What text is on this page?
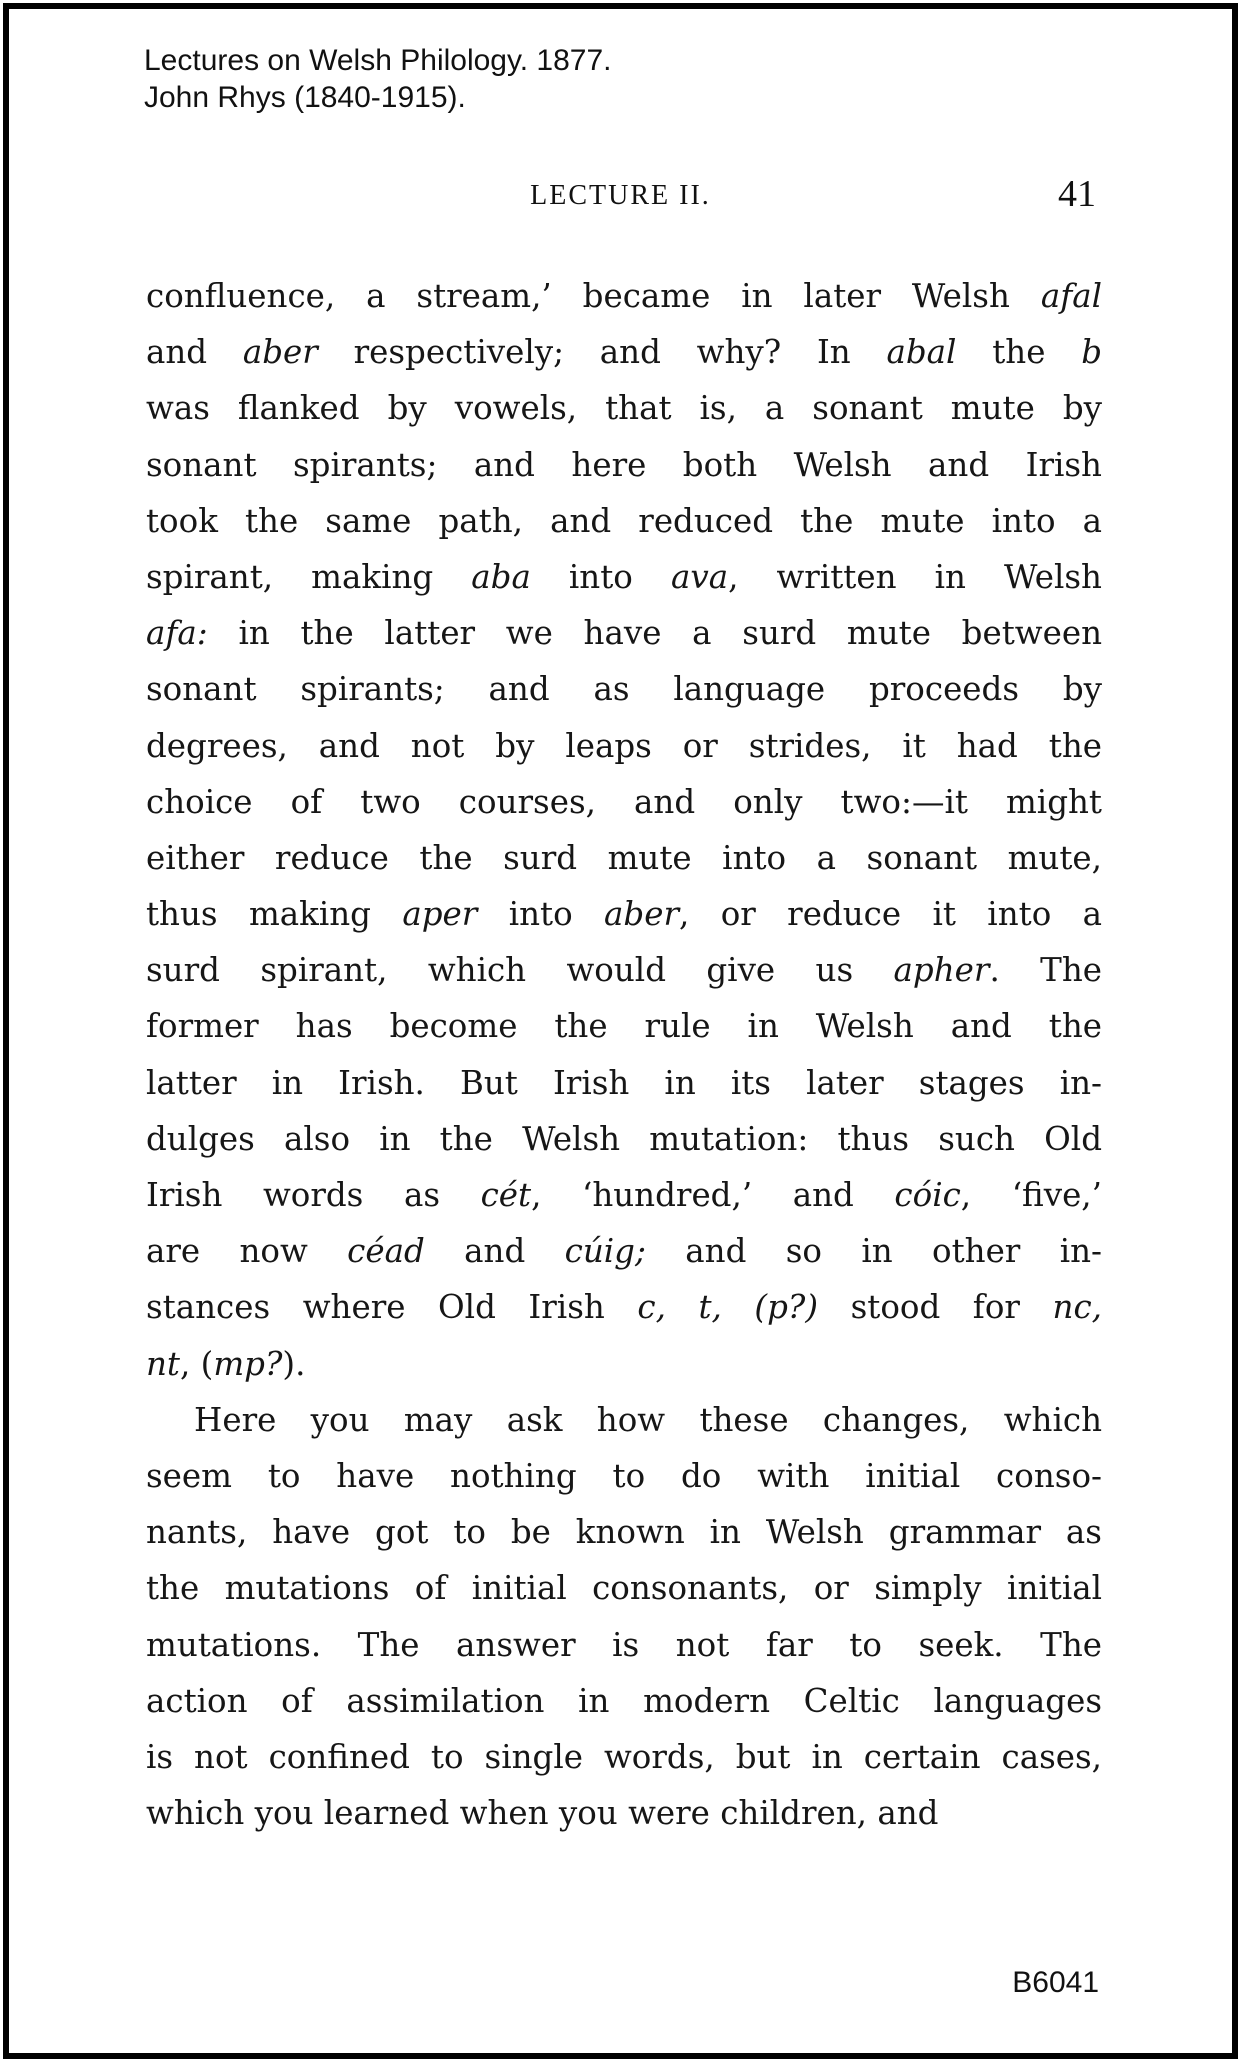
Lectures on Welsh Philology. 1877.
John Rhys (1840-1915).
LECTURE II.	41
confluence, a stream,’ became in later Welsh afal
and aber respectively; and why? In abal the b
was flanked by vowels, that is, a sonant mute by
sonant spirants; and here both Welsh and Irish
took the same path, and reduced the mute into a
spirant, making aba into ava, written in Welsh
afa: in the latter we have a surd mute between
sonant spirants; and as language proceeds by
degrees, and not by leaps or strides, it had the
choice of two courses, and only two:—it might
either reduce the surd mute into a sonant mute,
thus making aper into aber, or reduce it into a
surd spirant, which would give us apher. The
former has become the rule in Welsh and the
latter in Irish. But Irish in its later stages in-
dulges also in the Welsh mutation: thus such Old
Irish words as cét, ‘hundred,’ and cóic, ‘five,’
are now céad and cúig; and so in other in-
stances where Old Irish c, t, (p?) stood for nc,
nt, (mp?).
Here you may ask how these changes, which
seem to have nothing to do with initial conso-
nants, have got to be known in Welsh grammar as
the mutations of initial consonants, or simply initial
mutations. The answer is not far to seek. The
action of assimilation in modern Celtic languages
is not confined to single words, but in certain cases,
which you learned when you were children, and
B6041
